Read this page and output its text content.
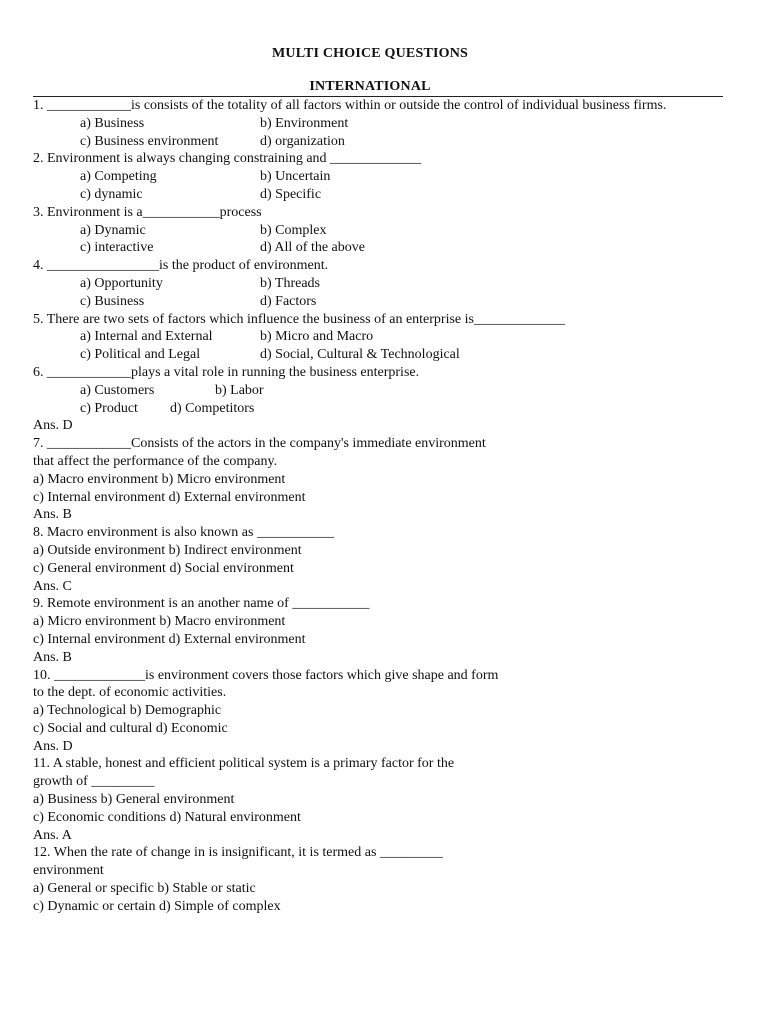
MULTI CHOICE QUESTIONS
INTERNATIONAL
1. ____________is consists of the totality of all factors within or outside the control of individual business firms.

a) Business

	b) Environment

c) Business environment

	d) organization

2. Environment is always changing constraining and _____________

a) Competing

	b) Uncertain

c) dynamic

	d) Specific

3. Environment is a___________process

a) Dynamic

	b) Complex

c) interactive

	d) All of the above

4. ________________is the product of environment.

a) Opportunity

	b) Threads

c) Business

	d) Factors

5. There are two sets of factors which influence the business of an enterprise is_____________

a) Internal and External

	b) Micro and Macro

c) Political and Legal

	d) Social, Cultural & Technological

6. ____________plays a vital role in running the business enterprise.

a) Customers

	b) Labor

c) Product

d) Competitors

Ans. D
7. ____________Consists of the actors in the company's immediate environment
that affect the performance of the company.
a) Macro environment b) Micro environment
c) Internal environment d) External environment
Ans. B
8. Macro environment is also known as ___________
a) Outside environment b) Indirect environment
c) General environment d) Social environment
Ans. C
9. Remote environment is an another name of ___________
a) Micro environment b) Macro environment
c) Internal environment d) External environment
Ans. B
10. _____________is environment covers those factors which give shape and form
to the dept. of economic activities.
a) Technological b) Demographic
c) Social and cultural d) Economic
Ans. D
11. A stable, honest and efficient political system is a primary factor for the
growth of _________
a) Business b) General environment
c) Economic conditions d) Natural environment
Ans. A
12. When the rate of change in is insignificant, it is termed as _________
environment
a) General or specific b) Stable or static
c) Dynamic or certain d) Simple of complex
